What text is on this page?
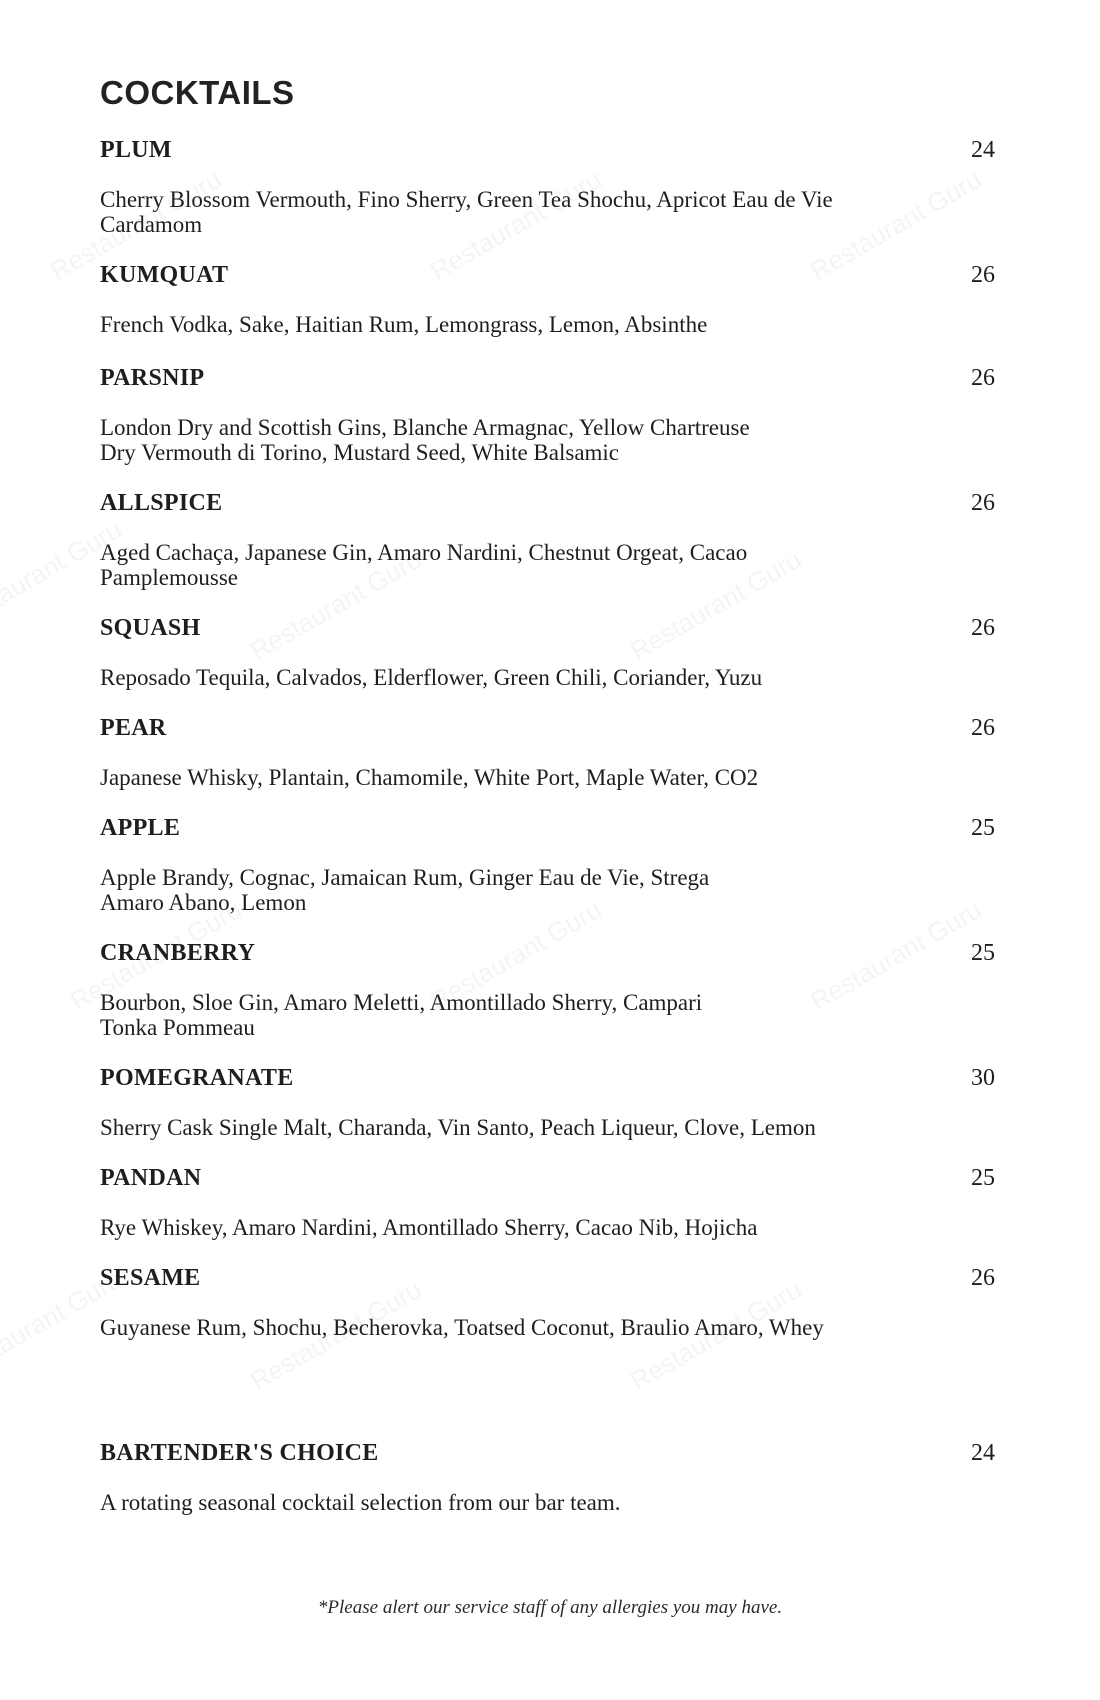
COCKTAILS
PLUM	24
Cherry Blossom Vermouth, Fino Sherry, Green Tea Shochu, Apricot Eau de Vie
Cardamom
KUMQUAT	26
French Vodka, Sake, Haitian Rum, Lemongrass, Lemon, Absinthe
PARSNIP	26
London Dry and Scottish Gins, Blanche Armagnac, Yellow Chartreuse
Dry Vermouth di Torino, Mustard Seed, White Balsamic
ALLSPICE	26
Aged Cachaça, Japanese Gin, Amaro Nardini, Chestnut Orgeat, Cacao
Pamplemousse
SQUASH	26
Reposado Tequila, Calvados, Elderflower, Green Chili, Coriander, Yuzu
PEAR	26
Japanese Whisky, Plantain, Chamomile, White Port, Maple Water, CO2
APPLE	25
Apple Brandy, Cognac, Jamaican Rum, Ginger Eau de Vie, Strega
Amaro Abano, Lemon
CRANBERRY	25
Bourbon, Sloe Gin, Amaro Meletti, Amontillado Sherry, Campari
Tonka Pommeau
POMEGRANATE	30
Sherry Cask Single Malt, Charanda, Vin Santo, Peach Liqueur, Clove, Lemon
PANDAN	25
Rye Whiskey, Amaro Nardini, Amontillado Sherry, Cacao Nib, Hojicha
SESAME	26
Guyanese Rum, Shochu, Becherovka, Toatsed Coconut, Braulio Amaro, Whey
BARTENDER'S CHOICE	24
A rotating seasonal cocktail selection from our bar team.
*Please alert our service staff of any allergies you may have.
